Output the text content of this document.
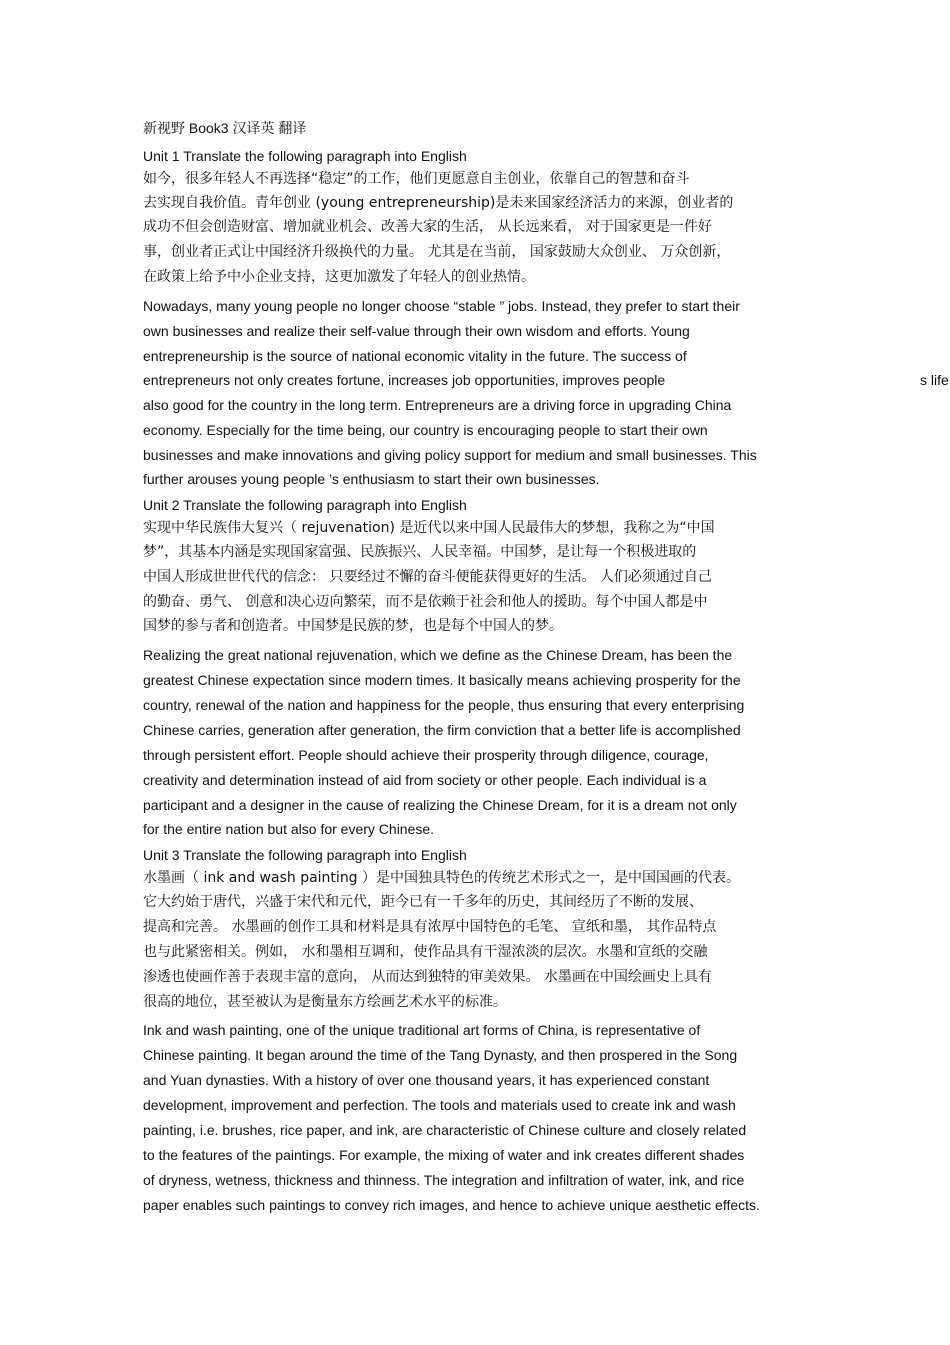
新视野 Book3 汉译英 翻译
Unit 1 Translate the following paragraph into English
如今，很多年轻人不再选择“稳定”的工作，他们更愿意自主创业，依靠自己的智慧和奋斗
去实现自我价值。青年创业 (young entrepreneurship)是未来国家经济活力的来源，创业者的
成功不但会创造财富、增加就业机会、改善大家的生活， 从长远来看， 对于国家更是一件好
事，创业者正式让中国经济升级换代的力量。 尤其是在当前， 国家鼓励大众创业、 万众创新，
在政策上给予中小企业支持，这更加激发了年轻人的创业热情。
Nowadays, many young people no longer choose “stable ” jobs. Instead, they prefer to start their
own businesses and realize their self-value through their own wisdom and efforts. Young
entrepreneurship is the source of national economic vitality in the future. The success of
entrepreneurs not only creates fortune, increases job opportunities, improves people	s life
also good for the country in the long term. Entrepreneurs are a driving force in upgrading China
economy. Especially for the time being, our country is encouraging people to start their own
businesses and make innovations and giving policy support for medium and small businesses. This
further arouses young people ’s enthusiasm to start their own businesses.
Unit 2 Translate the following paragraph into English
实现中华民族伟大复兴（ rejuvenation) 是近代以来中国人民最伟大的梦想，我称之为“中国
梦”，其基本内涵是实现国家富强、民族振兴、人民幸福。中国梦，是让每一个积极进取的
中国人形成世世代代的信念： 只要经过不懈的奋斗便能获得更好的生活。 人们必须通过自己
的勤奋、勇气、 创意和决心迈向繁荣，而不是依赖于社会和他人的援助。每个中国人都是中
国梦的参与者和创造者。中国梦是民族的梦，也是每个中国人的梦。
Realizing the great national rejuvenation, which we define as the Chinese Dream, has been the
greatest Chinese expectation since modern times. It basically means achieving prosperity for the
country, renewal of the nation and happiness for the people, thus ensuring that every enterprising
Chinese carries, generation after generation, the firm conviction that a better life is accomplished
through persistent effort. People should achieve their prosperity through diligence, courage,
creativity and determination instead of aid from society or other people. Each individual is a
participant and a designer in the cause of realizing the Chinese Dream, for it is a dream not only
for the entire nation but also for every Chinese.
Unit 3 Translate the following paragraph into English
水墨画（ ink and wash painting ）是中国独具特色的传统艺术形式之一，是中国国画的代表。
它大约始于唐代，兴盛于宋代和元代，距今已有一千多年的历史，其间经历了不断的发展、
提高和完善。 水墨画的创作工具和材料是具有浓厚中国特色的毛笔、 宣纸和墨， 其作品特点
也与此紧密相关。例如， 水和墨相互调和，使作品具有干湿浓淡的层次。水墨和宣纸的交融
渗透也使画作善于表现丰富的意向， 从而达到独特的审美效果。 水墨画在中国绘画史上具有
很高的地位，甚至被认为是衡量东方绘画艺术水平的标准。
Ink and wash painting, one of the unique traditional art forms of China, is representative of
Chinese painting. It began around the time of the Tang Dynasty, and then prospered in the Song
and Yuan dynasties. With a history of over one thousand years, it has experienced constant
development, improvement and perfection. The tools and materials used to create ink and wash
painting, i.e. brushes, rice paper, and ink, are characteristic of Chinese culture and closely related
to the features of the paintings. For example, the mixing of water and ink creates different shades
of dryness, wetness, thickness and thinness. The integration and infiltration of water, ink, and rice
paper enables such paintings to convey rich images, and hence to achieve unique aesthetic effects.
